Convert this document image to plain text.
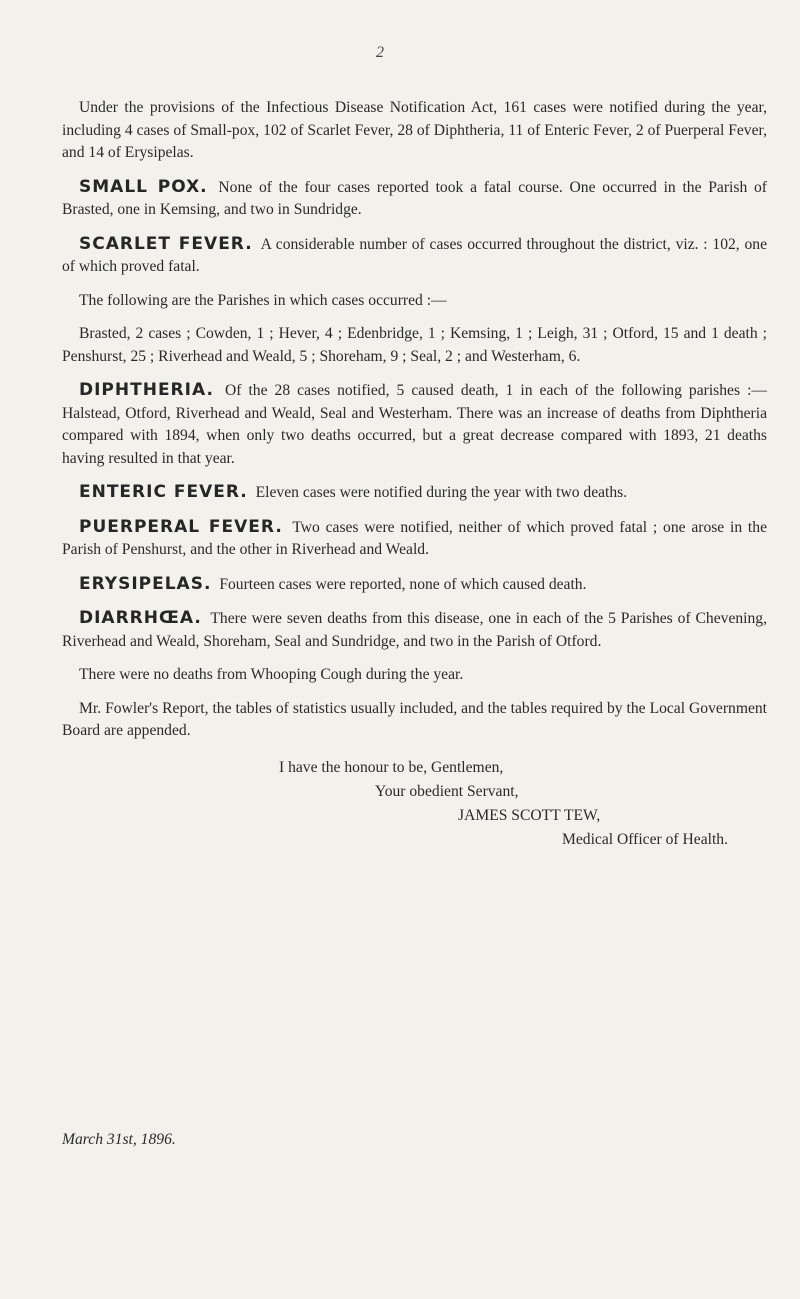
2

Under the provisions of the Infectious Disease Notification Act, 161 cases were notified during the year, including 4 cases of Small-pox, 102 of Scarlet Fever, 28 of Diphtheria, 11 of Enteric Fever, 2 of Puerperal Fever, and 14 of Erysipelas.

SMALL POX. None of the four cases reported took a fatal course. One occurred in the Parish of Brasted, one in Kemsing, and two in Sundridge.

SCARLET FEVER. A considerable number of cases occurred throughout the district, viz. : 102, one of which proved fatal.

The following are the Parishes in which cases occurred :—

Brasted, 2 cases ; Cowden, 1 ; Hever, 4 ; Edenbridge, 1 ; Kemsing, 1 ; Leigh, 31 ; Otford, 15 and 1 death ; Penshurst, 25 ; Riverhead and Weald, 5 ; Shoreham, 9 ; Seal, 2 ; and Westerham, 6.

DIPHTHERIA. Of the 28 cases notified, 5 caused death, 1 in each of the following parishes :—Halstead, Otford, Riverhead and Weald, Seal and Westerham. There was an increase of deaths from Diphtheria compared with 1894, when only two deaths occurred, but a great decrease compared with 1893, 21 deaths having resulted in that year.

ENTERIC FEVER. Eleven cases were notified during the year with two deaths.

PUERPERAL FEVER. Two cases were notified, neither of which proved fatal ; one arose in the Parish of Penshurst, and the other in Riverhead and Weald.

ERYSIPELAS. Fourteen cases were reported, none of which caused death.

DIARRHŒA. There were seven deaths from this disease, one in each of the 5 Parishes of Chevening, Riverhead and Weald, Shoreham, Seal and Sundridge, and two in the Parish of Otford.

There were no deaths from Whooping Cough during the year.

Mr. Fowler's Report, the tables of statistics usually included, and the tables required by the Local Government Board are appended.

I have the honour to be, Gentlemen,
Your obedient Servant,
JAMES SCOTT TEW,
Medical Officer of Health.
March 31st, 1896.
